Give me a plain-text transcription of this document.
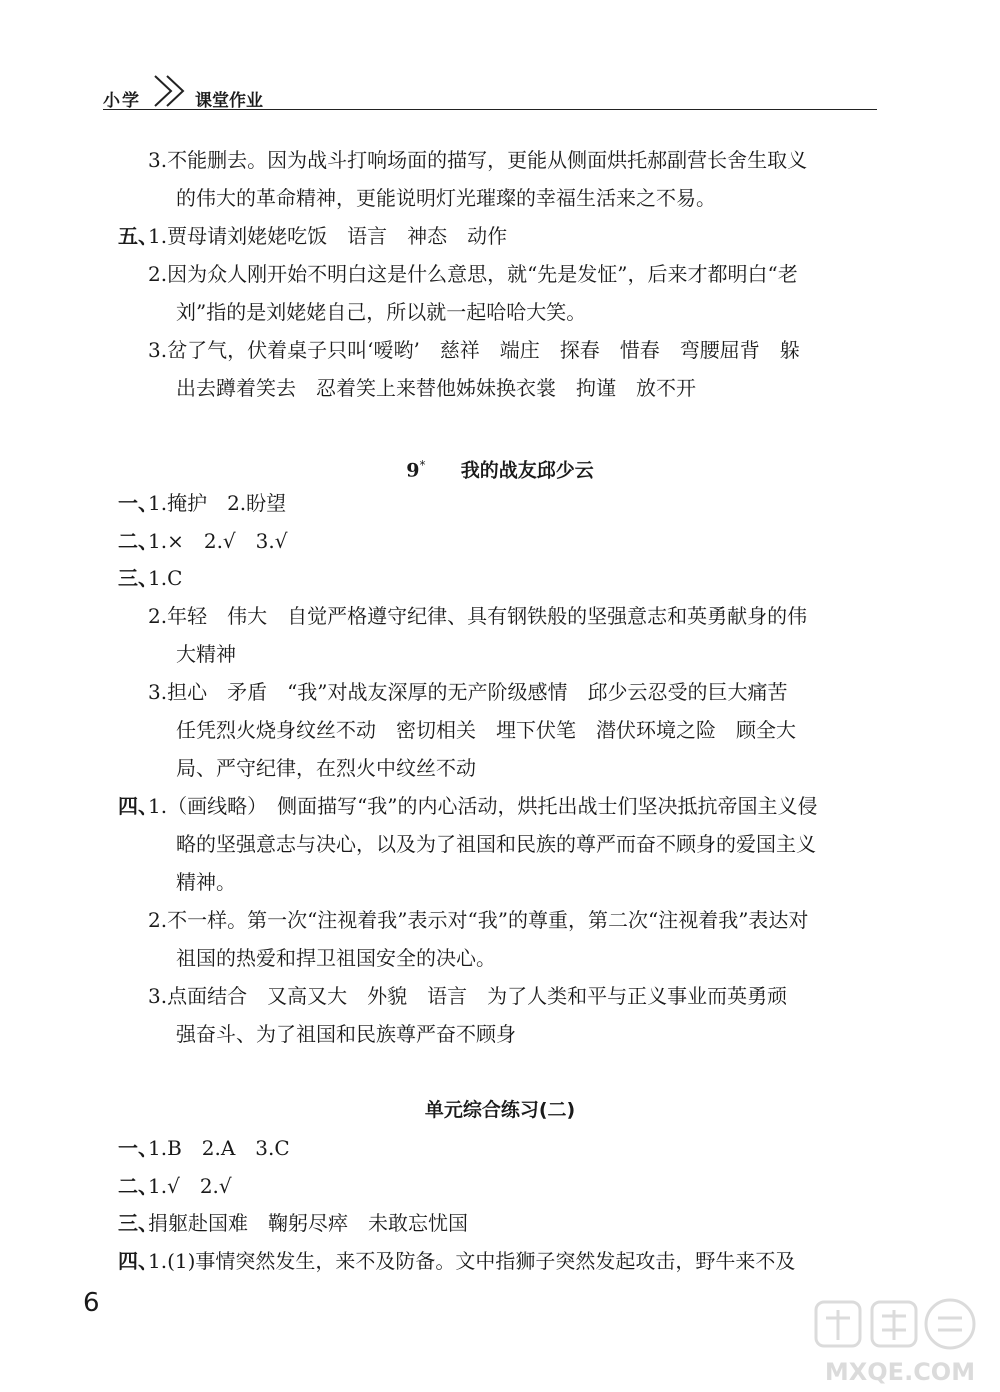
小学	课堂作业
3.不能删去。因为战斗打响场面的描写，更能从侧面烘托郝副营长舍生取义
的伟大的革命精神，更能说明灯光璀璨的幸福生活来之不易。
五、
1.贾母请刘姥姥吃饭　语言　神态　动作
2.因为众人刚开始不明白这是什么意思，就“先是发怔”，后来才都明白“老
刘”指的是刘姥姥自己，所以就一起哈哈大笑。
3.岔了气，伏着桌子只叫‘嗳哟’　慈祥　端庄　探春　惜春　弯腰屈背　躲
出去蹲着笑去　忍着笑上来替他姊妹换衣裳　拘谨　放不开
9* 我的战友邱少云
一、
1.掩护　2.盼望
二、
1.×　2.√　3.√
三、
1.C
2.年轻　伟大　自觉严格遵守纪律、具有钢铁般的坚强意志和英勇献身的伟
大精神
3.担心　矛盾　“我”对战友深厚的无产阶级感情　邱少云忍受的巨大痛苦
任凭烈火烧身纹丝不动　密切相关　埋下伏笔　潜伏环境之险　顾全大
局、严守纪律，在烈火中纹丝不动
四、
1.（画线略）　侧面描写“我”的内心活动，烘托出战士们坚决抵抗帝国主义侵
略的坚强意志与决心，以及为了祖国和民族的尊严而奋不顾身的爱国主义
精神。
2.不一样。第一次“注视着我”表示对“我”的尊重，第二次“注视着我”表达对
祖国的热爱和捍卫祖国安全的决心。
3.点面结合　又高又大　外貌　语言　为了人类和平与正义事业而英勇顽
强奋斗、为了祖国和民族尊严奋不顾身
单元综合练习(二)
一、
1.B　2.A　3.C
二、
1.√　2.√
三、
捐躯赴国难　鞠躬尽瘁　未敢忘忧国
四、
1.(1)事情突然发生，来不及防备。文中指狮子突然发起攻击，野牛来不及
6
MXQE.COM
